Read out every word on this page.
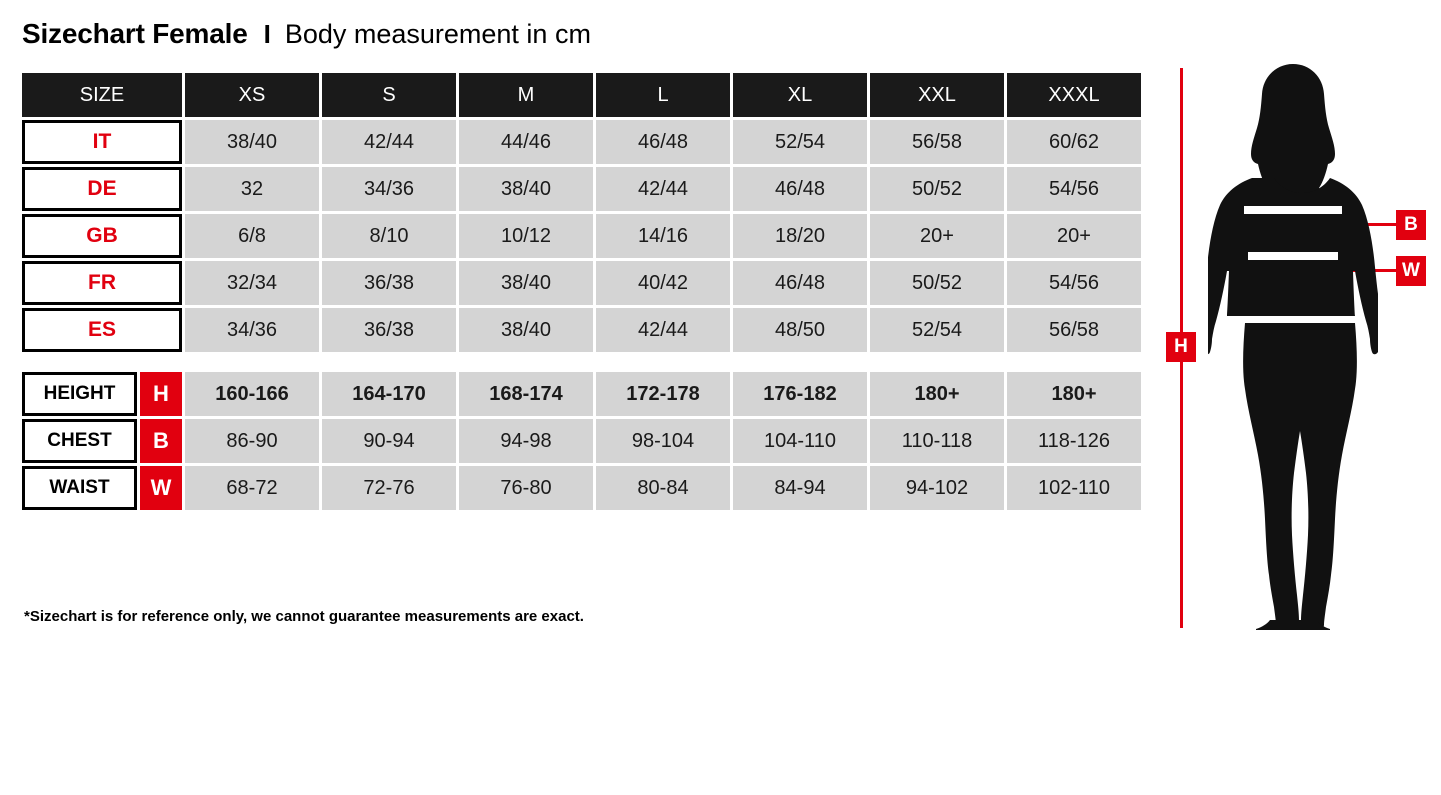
Sizechart Female I Body measurement in cm
SIZE	XS	S	M	L	XL	XXL	XXXL

IT	38/40	42/44	44/46	46/48	52/54	56/58	60/62

DE	32	34/36	38/40	42/44	46/48	50/52	54/56

GB	6/8	8/10	10/12	14/16	18/20	20+	20+

FR	32/34	36/38	38/40	40/42	46/48	50/52	54/56

ES	34/36	36/38	38/40	42/44	48/50	52/54	56/58

HEIGHT H	160-166	164-170	168-174	172-178	176-182	180+	180+

CHEST B	86-90	90-94	94-98	98-104	104-110	110-118	118-126

WAIST W	68-72	72-76	76-80	80-84	84-94	94-102	102-110
*Sizechart is for reference only, we cannot guarantee measurements are exact.
H
B
W
